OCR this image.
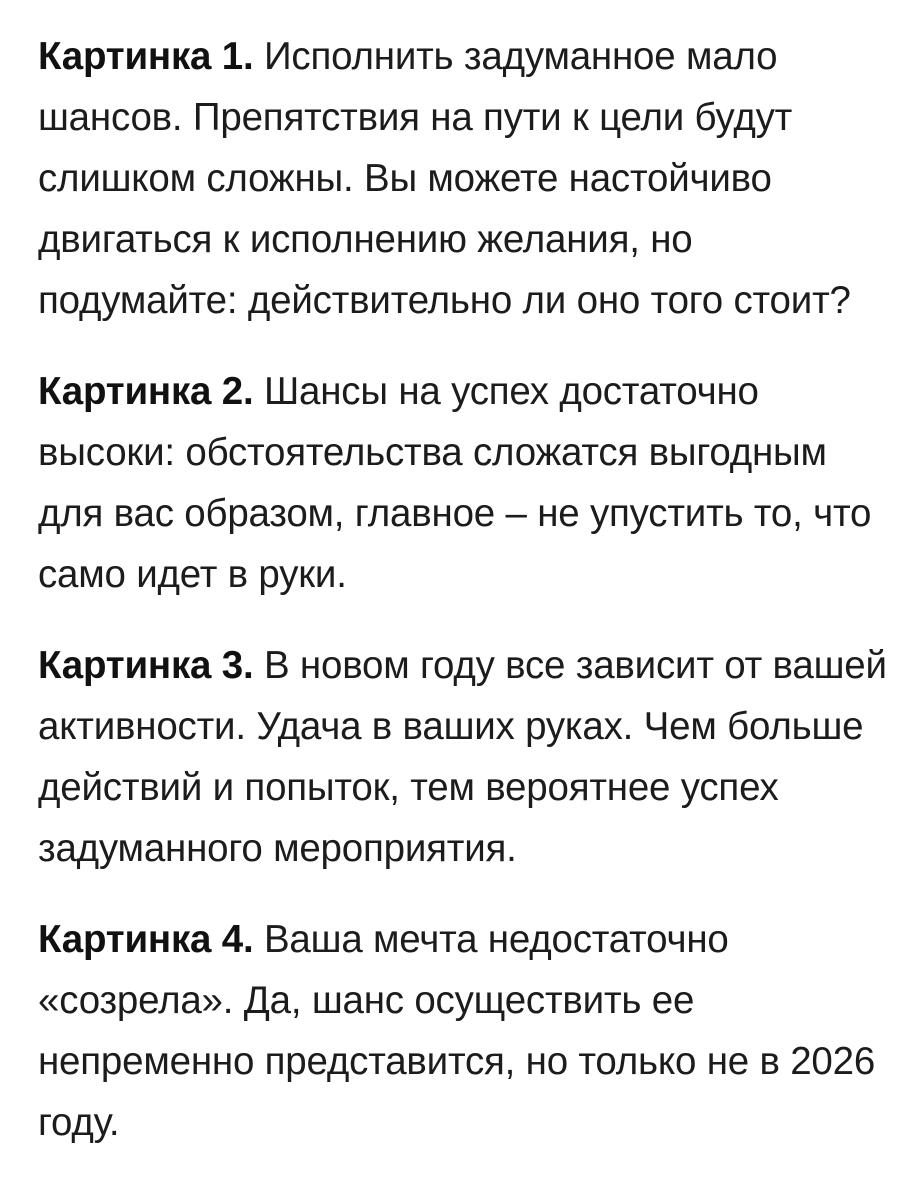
Картинка 1. Исполнить задуманное мало шансов. Препятствия на пути к цели будут слишком сложны. Вы можете настойчиво двигаться к исполнению желания, но подумайте: действительно ли оно того стоит?

Картинка 2. Шансы на успех достаточно высоки: обстоятельства сложатся выгодным для вас образом, главное – не упустить то, что само идет в руки.

Картинка 3. В новом году все зависит от вашей активности. Удача в ваших руках. Чем больше действий и попыток, тем вероятнее успех задуманного мероприятия.

Картинка 4. Ваша мечта недостаточно «созрела». Да, шанс осуществить ее непременно представится, но только не в 2026 году.
